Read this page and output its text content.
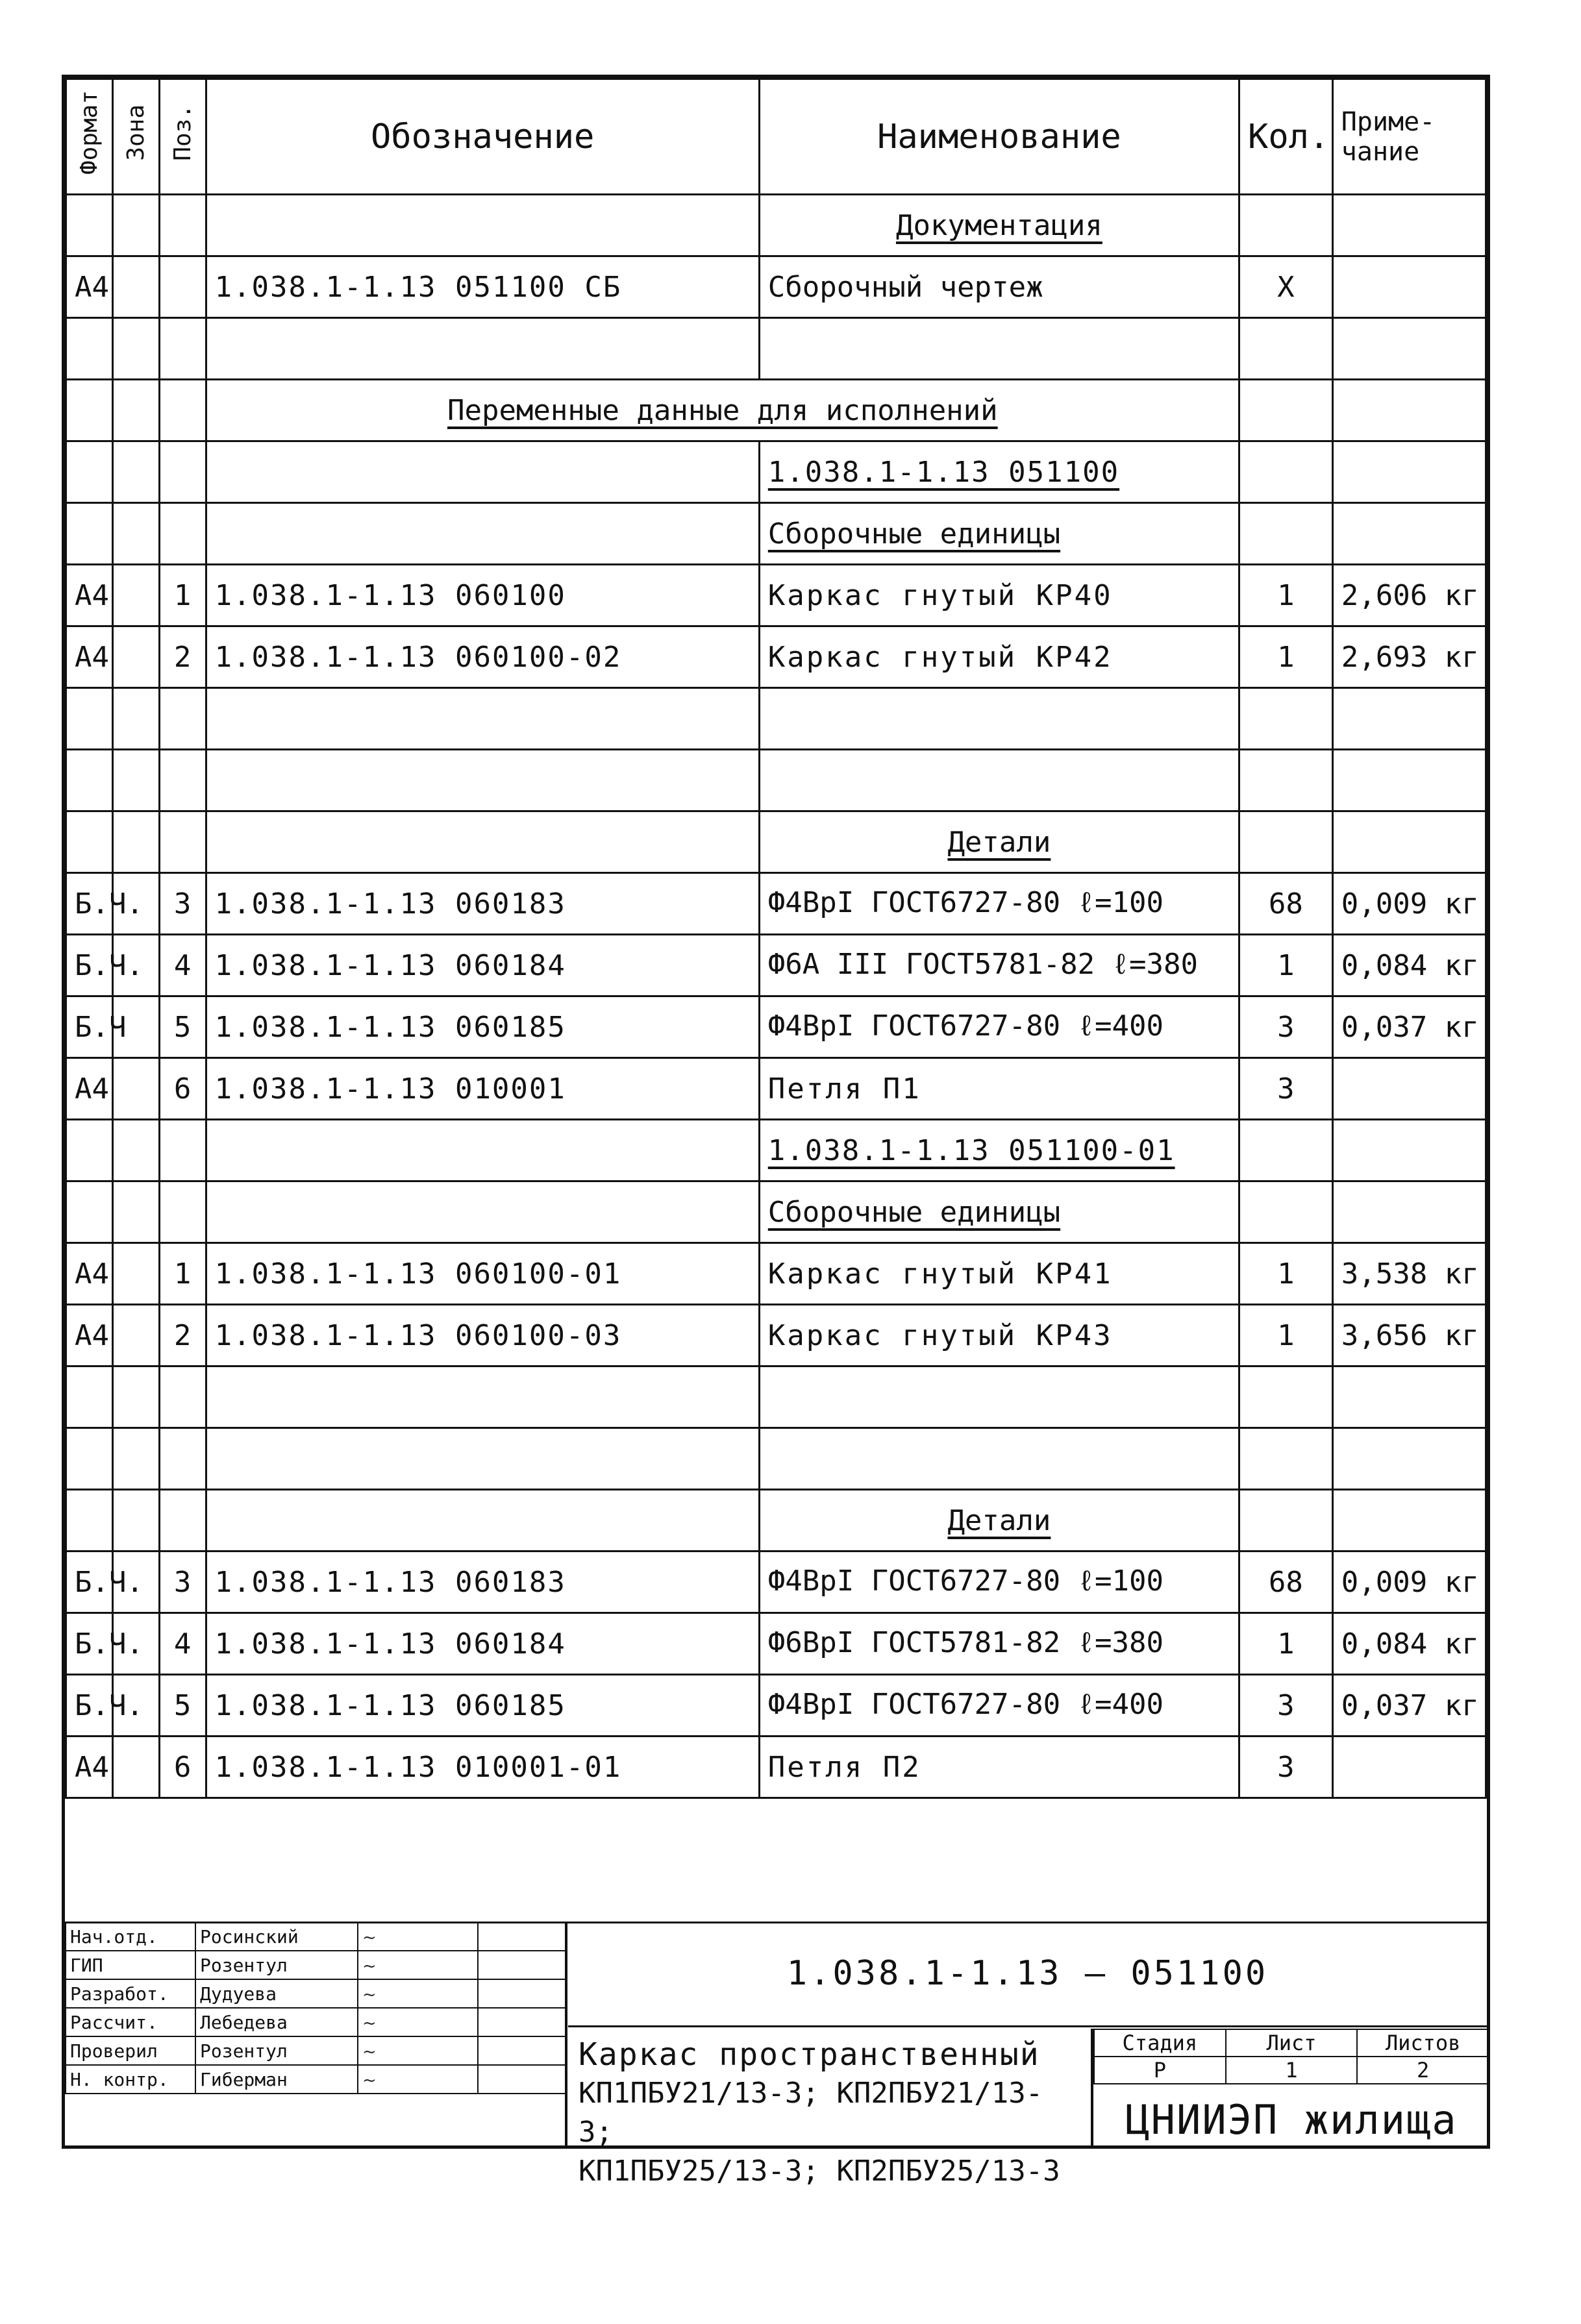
Формат	Зона	Поз.	Обозначение	Наименование	Кол.	Приме-
чание
				Документация		
А4			1.038.1-1.13 051100 СБ	Сборочный чертеж	X	

			Переменные данные для исполнений			
				1.038.1-1.13 051100		
				Сборочные единицы		
А4		1	1.038.1-1.13 060100	Каркас гнутый КР40	1	2,606 кг
А4		2	1.038.1-1.13 060100-02	Каркас гнутый КР42	1	2,693 кг

				Детали		
Б.Ч.		3	1.038.1-1.13 060183	Ф4ВрI ГОСТ6727-80 ℓ=100	68	0,009 кг
Б.Ч.		4	1.038.1-1.13 060184	Ф6А III ГОСТ5781-82 ℓ=380	1	0,084 кг
Б.Ч		5	1.038.1-1.13 060185	Ф4ВрI ГОСТ6727-80 ℓ=400	3	0,037 кг
А4		6	1.038.1-1.13 010001	Петля П1	3	
				1.038.1-1.13 051100-01		
				Сборочные единицы		
А4		1	1.038.1-1.13 060100-01	Каркас гнутый КР41	1	3,538 кг
А4		2	1.038.1-1.13 060100-03	Каркас гнутый КР43	1	3,656 кг

				Детали		
Б.Ч.		3	1.038.1-1.13 060183	Ф4ВрI ГОСТ6727-80 ℓ=100	68	0,009 кг
Б.Ч.		4	1.038.1-1.13 060184	Ф6ВрI ГОСТ5781-82 ℓ=380	1	0,084 кг
Б.Ч.		5	1.038.1-1.13 060185	Ф4ВрI ГОСТ6727-80 ℓ=400	3	0,037 кг
А4		6	1.038.1-1.13 010001-01	Петля П2	3	
Нач.отд.	Росинский	~	
ГИП	Розентул	~	
Разработ.	Дудуева	~	
Рассчит.	Лебедева	~	
Проверил	Розентул	~	
Н. контр.	Гиберман	~	
1.038.1-1.13 – 051100
Каркас пространственный
КП1ПБУ21/13-3; КП2ПБУ21/13-3;
КП1ПБУ25/13-3; КП2ПБУ25/13-3
Стадия	Лист	Листов
Р	1	2
ЦНИИЭП жилища
